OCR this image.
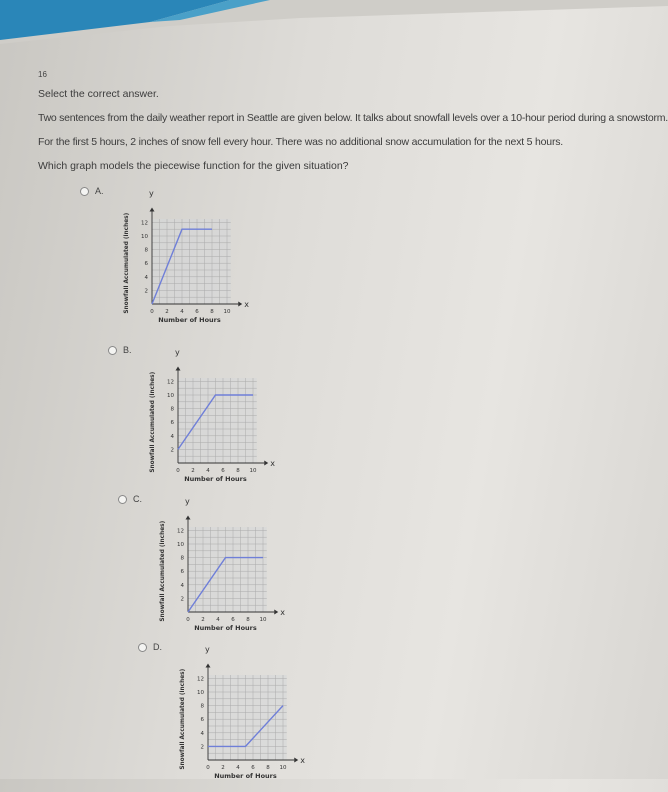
16
Select the correct answer.
Two sentences from the daily weather report in Seattle are given below. It talks about snowfall levels over a 10-hour period during a snowstorm.
For the first 5 hours, 2 inches of snow fell every hour. There was no additional snow accumulation for the next 5 hours.
Which graph models the piecewise function for the given situation?
A.
x
y
0 2 4 6 8 10
2
4
6
8
10
12
Number of Hours
Snowfall Accumulated (inches)
B.
x
y
0 2 4 6 8 10
2
4
6
8
10
12
Number of Hours
Snowfall Accumulated (inches)
C.
x
y
0 2 4 6 8 10
2
4
6
8
10
12
Number of Hours
Snowfall Accumulated (inches)
D.
x
y
0 2 4 6 8 10
2
4
6
8
10
12
Number of Hours
Snowfall Accumulated (inches)
